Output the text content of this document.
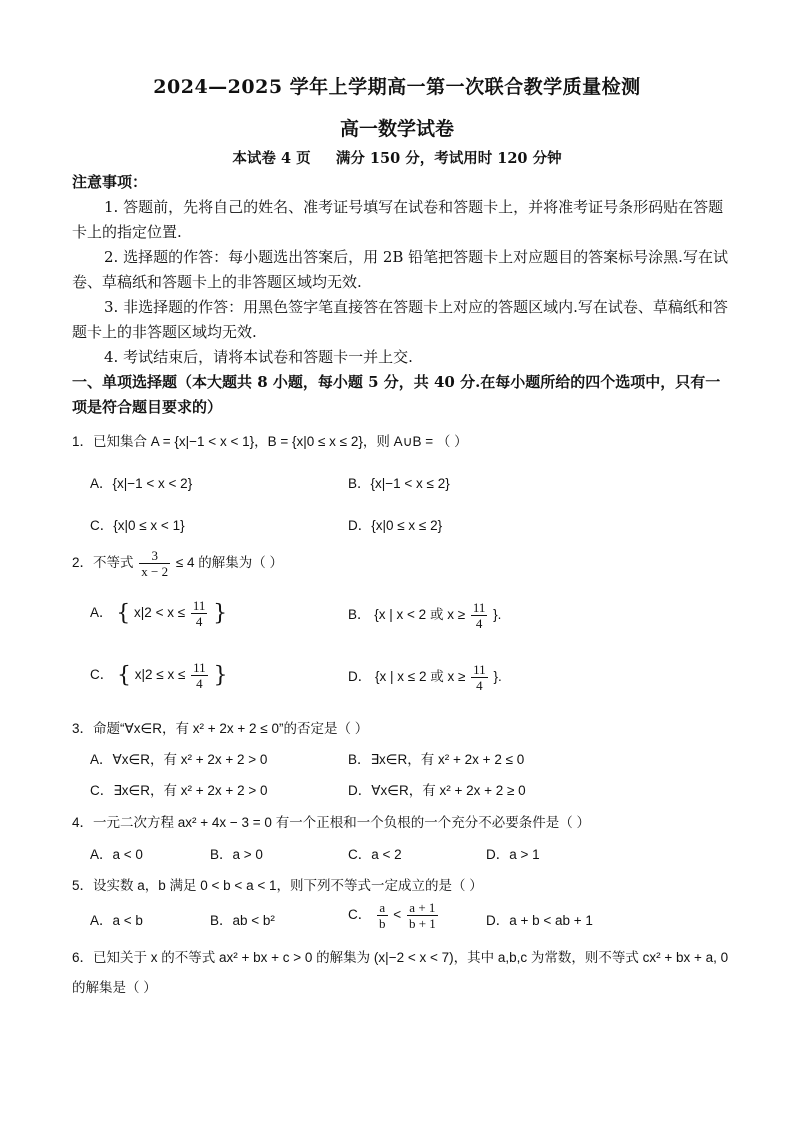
2024—2025 学年上学期高一第一次联合教学质量检测
高一数学试卷
本试卷 4 页     满分 150 分，考试用时 120 分钟
注意事项：
1. 答题前，先将自己的姓名、准考证号填写在试卷和答题卡上，并将准考证号条形码贴在答题卡上的指定位置.
2. 选择题的作答：每小题选出答案后，用 2B 铅笔把答题卡上对应题目的答案标号涂黑.写在试卷、草稿纸和答题卡上的非答题区域均无效.
3. 非选择题的作答：用黑色签字笔直接答在答题卡上对应的答题区域内.写在试卷、草稿纸和答题卡上的非答题区域均无效.
4. 考试结束后，请将本试卷和答题卡一并上交.
一、单项选择题（本大题共 8 小题，每小题 5 分，共 40 分.在每小题所给的四个选项中，只有一项是符合题目要求的）
1．已知集合 A = {x|−1 < x < 1}，B = {x|0 ≤ x ≤ 2}，则 A∪B = （ ）
A．{x|−1 < x < 2}	B．{x|−1 < x ≤ 2}
C．{x|0 ≤ x < 1}	D．{x|0 ≤ x ≤ 2}
2．不等式 $\frac{3}{x - 2} \le 4$ 的解集为（ ）
A． { $x|2 < x \le \frac{11}{4}$ }	B． {x | x < 2 或 $x \ge \frac{11}{4}$ }.
C． { $x|2 \le x \le \frac{11}{4}$ }	D． {x | x ≤ 2 或 $x \ge \frac{11}{4}$ }.
3．命题“∀x∈R，有 x² + 2x + 2 ≤ 0”的否定是（ ）
A．∀x∈R，有 x² + 2x + 2 > 0	B．∃x∈R，有 x² + 2x + 2 ≤ 0
C．∃x∈R，有 x² + 2x + 2 > 0	D．∀x∈R，有 x² + 2x + 2 ≥ 0
4．一元二次方程 ax² + 4x − 3 = 0 有一个正根和一个负根的一个充分不必要条件是（ ）
A．a < 0	B．a > 0	C．a < 2	D．a > 1
5．设实数 a，b 满足 0 < b < a < 1，则下列不等式一定成立的是（ ）
A．a < b	B．ab < b²	C． $\frac{a}{b} < \frac{a + 1}{b + 1}$	D．a + b < ab + 1
6．已知关于 x 的不等式 ax² + bx + c > 0 的解集为 (x|−2 < x < 7)，其中 a,b,c 为常数，则不等式 cx² + bx + a, 0
的解集是（ ）
